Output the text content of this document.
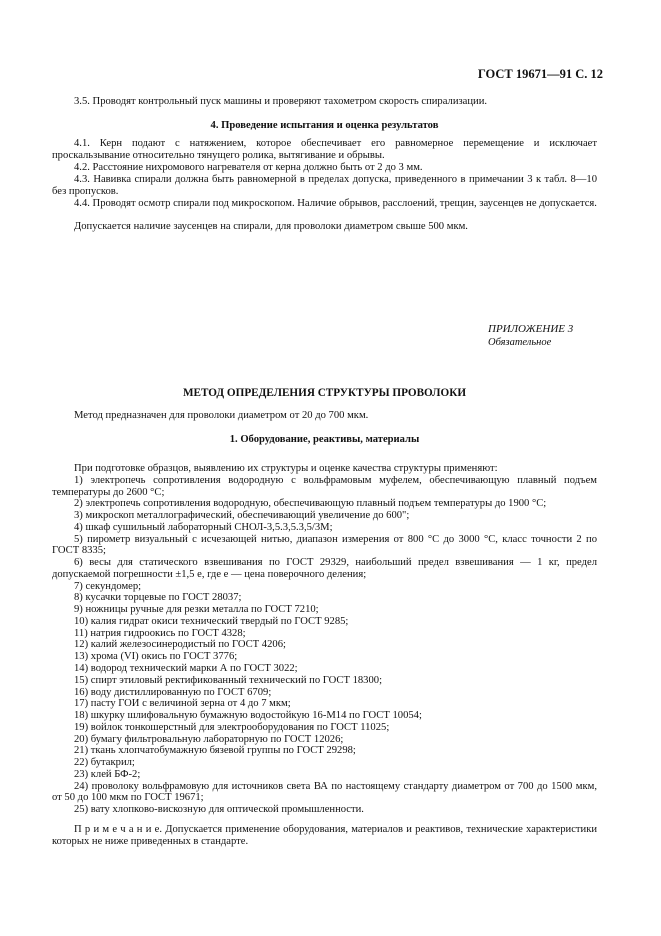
ГОСТ 19671—91 С. 12
3.5. Проводят контрольный пуск машины и проверяют тахометром скорость спирализации.
4. Проведение испытания и оценка результатов
4.1. Керн подают с натяжением, которое обеспечивает его равномерное перемещение и исключает проскальзывание относительно тянущего ролика, вытягивание и обрывы.
4.2. Расстояние нихромового нагревателя от керна должно быть от 2 до 3 мм.
4.3. Навивка спирали должна быть равномерной в пределах допуска, приведенного в примечании 3 к табл. 8—10 без пропусков.
4.4. Проводят осмотр спирали под микроскопом. Наличие обрывов, расслоений, трещин, заусенцев не допускается.
Допускается наличие заусенцев на спирали, для проволоки диаметром свыше 500 мкм.
ПРИЛОЖЕНИЕ 3
Обязательное
МЕТОД ОПРЕДЕЛЕНИЯ СТРУКТУРЫ ПРОВОЛОКИ
Метод предназначен для проволоки диаметром от 20 до 700 мкм.
1. Оборудование, реактивы, материалы
При подготовке образцов, выявлению их структуры и оценке качества структуры применяют:
1) электропечь сопротивления водородную с вольфрамовым муфелем, обеспечивающую плавный подъем температуры до 2600 °С;
2) электропечь сопротивления водородную, обеспечивающую плавный подъем температуры до 1900 °С;
3) микроскоп металлографический, обеспечивающий увеличение до 600";
4) шкаф сушильный лабораторный СНОЛ-3,5.3,5.3,5/3М;
5) пирометр визуальный с исчезающей нитью, диапазон измерения от 800 °С до 3000 °С, класс точности 2 по ГОСТ 8335;
6) весы для статического взвешивания по ГОСТ 29329, наибольший предел взвешивания — 1 кг, предел допускаемой погрешности ±1,5 е, где е — цена поверочного деления;
7) секундомер;
8) кусачки торцевые по ГОСТ 28037;
9) ножницы ручные для резки металла по ГОСТ 7210;
10) калия гидрат окиси технический твердый по ГОСТ 9285;
11) натрия гидроокись по ГОСТ 4328;
12) калий железосинеродистый по ГОСТ 4206;
13) хрома (VI) окись по ГОСТ 3776;
14) водород технический марки А по ГОСТ 3022;
15) спирт этиловый ректификованный технический по ГОСТ 18300;
16) воду дистиллированную по ГОСТ 6709;
17) пасту ГОИ с величиной зерна от 4 до 7 мкм;
18) шкурку шлифовальную бумажную водостойкую 16-М14 по ГОСТ 10054;
19) войлок тонкошерстный для электрооборудования по ГОСТ 11025;
20) бумагу фильтровальную лабораторную по ГОСТ 12026;
21) ткань хлопчатобумажную бязевой группы по ГОСТ 29298;
22) бутакрил;
23) клей БФ-2;
24) проволоку вольфрамовую для источников света ВА по настоящему стандарту диаметром от 700 до 1500 мкм, от 50 до 100 мкм по ГОСТ 19671;
25) вату хлопково-вискозную для оптической промышленности.
П р и м е ч а н и е. Допускается применение оборудования, материалов и реактивов, технические характеристики которых не ниже приведенных в стандарте.
